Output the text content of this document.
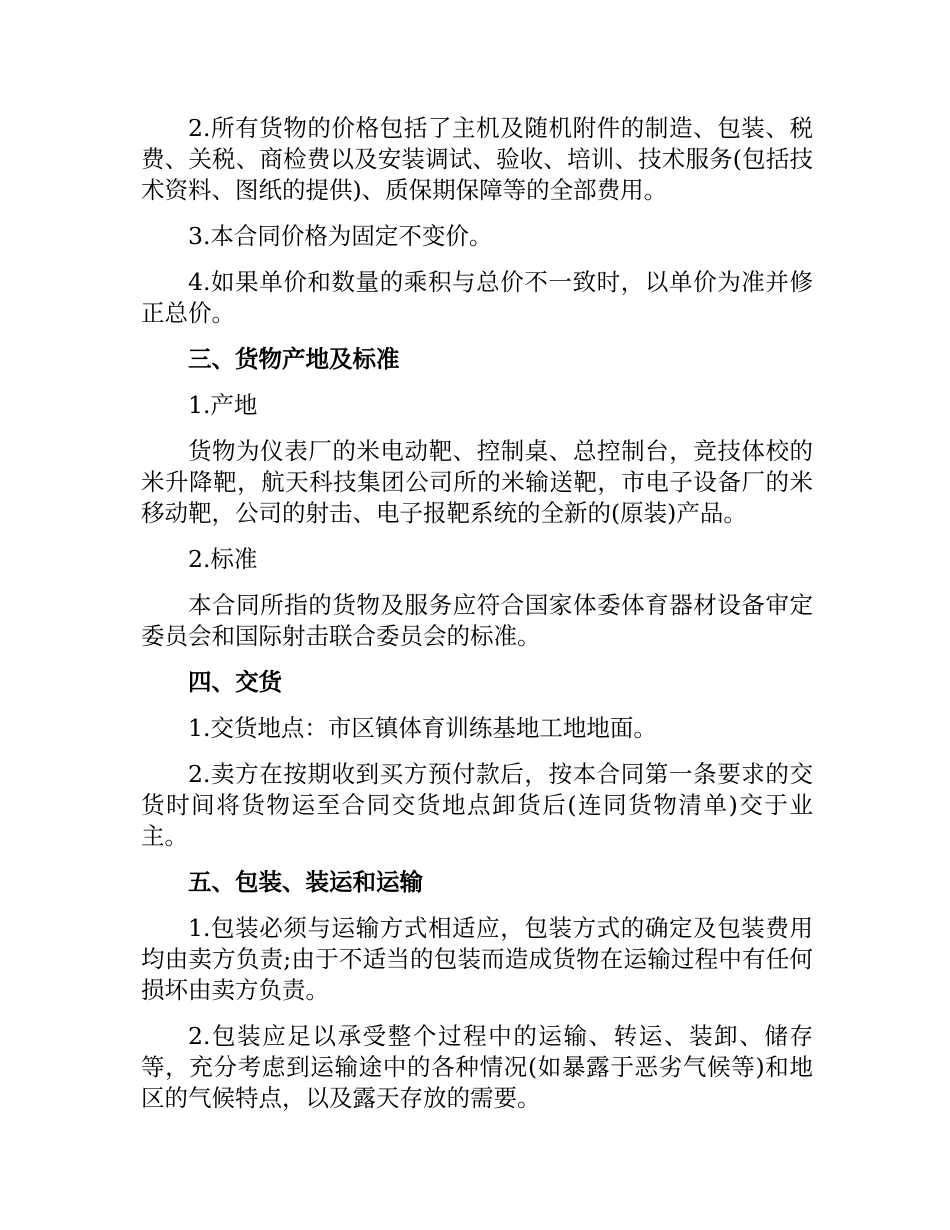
2.所有货物的价格包括了主机及随机附件的制造、包装、税费、关税、商检费以及安装调试、验收、培训、技术服务(包括技术资料、图纸的提供)、质保期保障等的全部费用。

3.本合同价格为固定不变价。

4.如果单价和数量的乘积与总价不一致时，以单价为准并修正总价。

三、货物产地及标准

1.产地

货物为仪表厂的米电动靶、控制桌、总控制台，竞技体校的米升降靶，航天科技集团公司所的米输送靶，市电子设备厂的米移动靶，公司的射击、电子报靶系统的全新的(原装)产品。

2.标准

本合同所指的货物及服务应符合国家体委体育器材设备审定委员会和国际射击联合委员会的标准。

四、交货

1.交货地点：市区镇体育训练基地工地地面。

2.卖方在按期收到买方预付款后，按本合同第一条要求的交货时间将货物运至合同交货地点卸货后(连同货物清单)交于业主。

五、包装、装运和运输

1.包装必须与运输方式相适应，包装方式的确定及包装费用均由卖方负责;由于不适当的包装而造成货物在运输过程中有任何损坏由卖方负责。

2.包装应足以承受整个过程中的运输、转运、装卸、储存等，充分考虑到运输途中的各种情况(如暴露于恶劣气候等)和地区的气候特点，以及露天存放的需要。
